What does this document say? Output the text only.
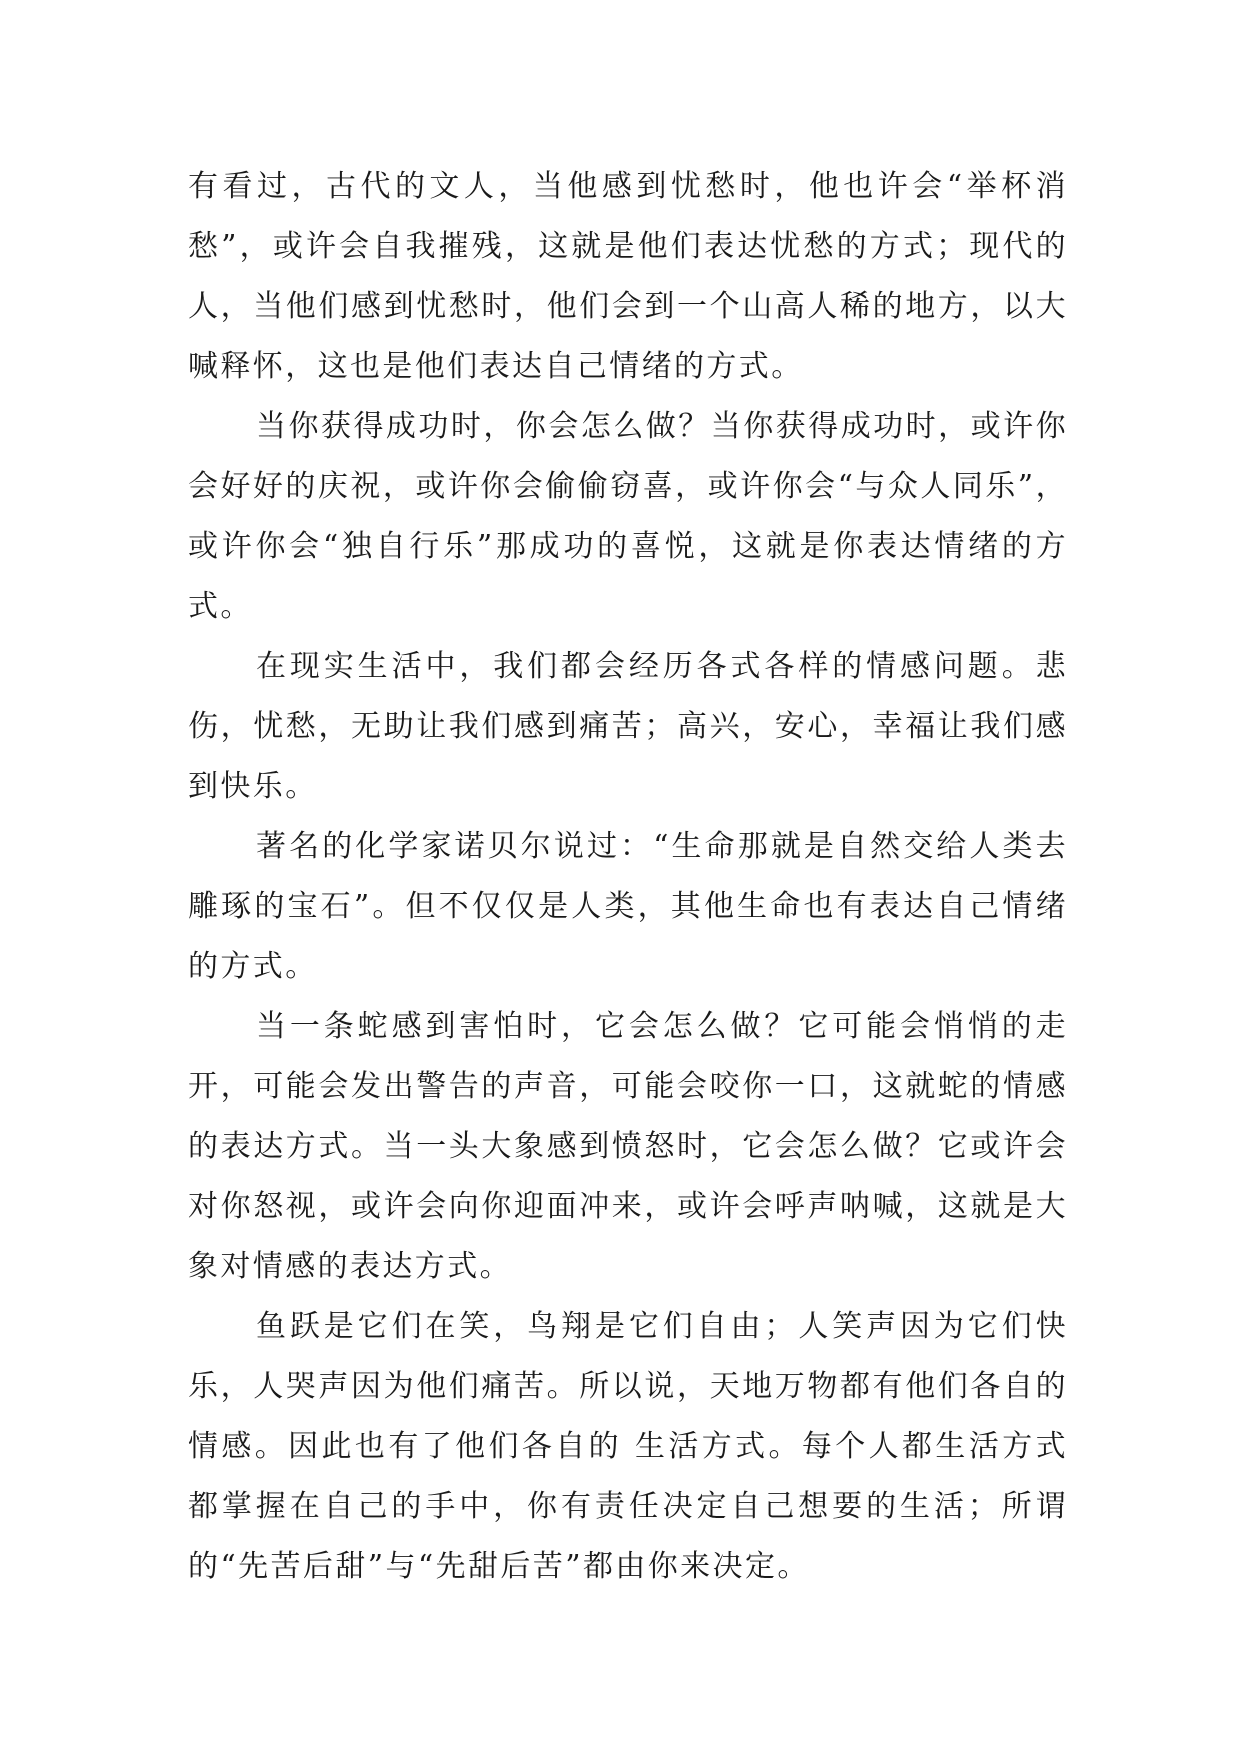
有看过，古代的文人，当他感到忧愁时，他也许会“举杯消愁”，或许会自我摧残，这就是他们表达忧愁的方式；现代的人，当他们感到忧愁时，他们会到一个山高人稀的地方，以大喊释怀，这也是他们表达自己情绪的方式。

当你获得成功时，你会怎么做？当你获得成功时，或许你会好好的庆祝，或许你会偷偷窃喜，或许你会“与众人同乐”，或许你会“独自行乐”那成功的喜悦，这就是你表达情绪的方式。

在现实生活中，我们都会经历各式各样的情感问题。悲伤，忧愁，无助让我们感到痛苦；高兴，安心，幸福让我们感到快乐。

著名的化学家诺贝尔说过：“生命那就是自然交给人类去雕琢的宝石”。但不仅仅是人类，其他生命也有表达自己情绪的方式。

当一条蛇感到害怕时，它会怎么做？它可能会悄悄的走开，可能会发出警告的声音，可能会咬你一口，这就蛇的情感的表达方式。当一头大象感到愤怒时，它会怎么做？它或许会对你怒视，或许会向你迎面冲来，或许会呼声呐喊，这就是大象对情感的表达方式。

鱼跃是它们在笑，鸟翔是它们自由；人笑声因为它们快乐，人哭声因为他们痛苦。所以说，天地万物都有他们各自的情感。因此也有了他们各自的 生活方式。每个人都生活方式都掌握在自己的手中，你有责任决定自己想要的生活；所谓的“先苦后甜”与“先甜后苦”都由你来决定。
